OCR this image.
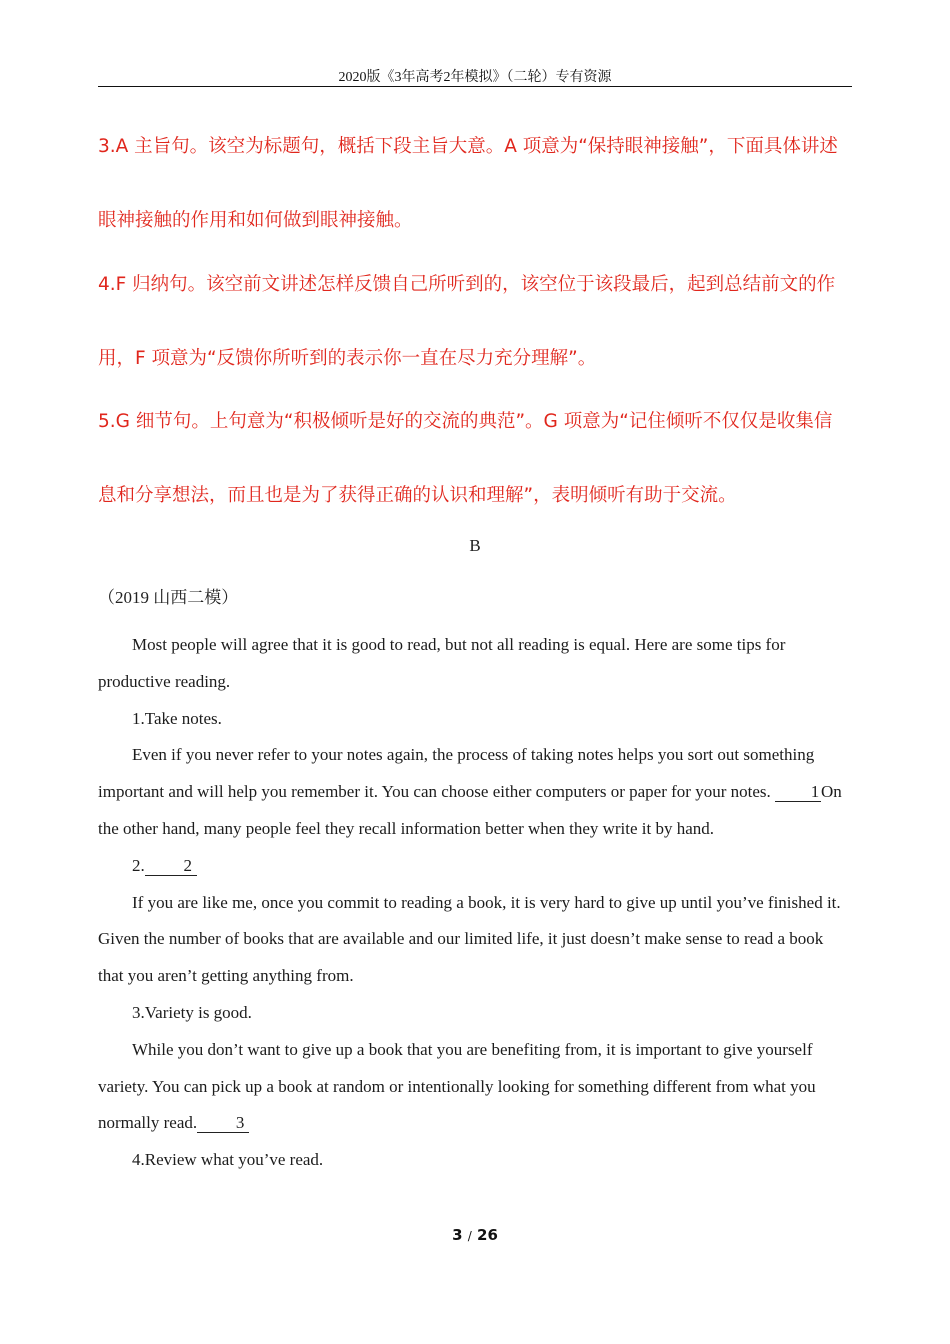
2020版《3年高考2年模拟》（二轮）专有资源

3.A 主旨句。该空为标题句，概括下段主旨大意。A 项意为“保持眼神接触”，下面具体讲述眼神接触的作用和如何做到眼神接触。

4.F 归纳句。该空前文讲述怎样反馈自己所听到的，该空位于该段最后，起到总结前文的作用，F 项意为“反馈你所听到的表示你一直在尽力充分理解”。

5.G 细节句。上句意为“积极倾听是好的交流的典范”。G 项意为“记住倾听不仅仅是收集信息和分享想法，而且也是为了获得正确的认识和理解”，表明倾听有助于交流。

B
（2019 山西二模）

Most people will agree that it is good to read, but not all reading is equal. Here are some tips for productive reading.

1.Take notes.

Even if you never refer to your notes again, the process of taking notes helps you sort out something important and will help you remember it. You can choose either computers or paper for your notes. 1 On the other hand, many people feel they recall information better when they write it by hand.

2. 2

If you are like me, once you commit to reading a book, it is very hard to give up until you’ve finished it. Given the number of books that are available and our limited life, it just doesn’t make sense to read a book that you aren’t getting anything from.

3.Variety is good.

While you don’t want to give up a book that you are benefiting from, it is important to give yourself variety. You can pick up a book at random or intentionally looking for something different from what you normally read. 3

4.Review what you’ve read.

3 / 26
